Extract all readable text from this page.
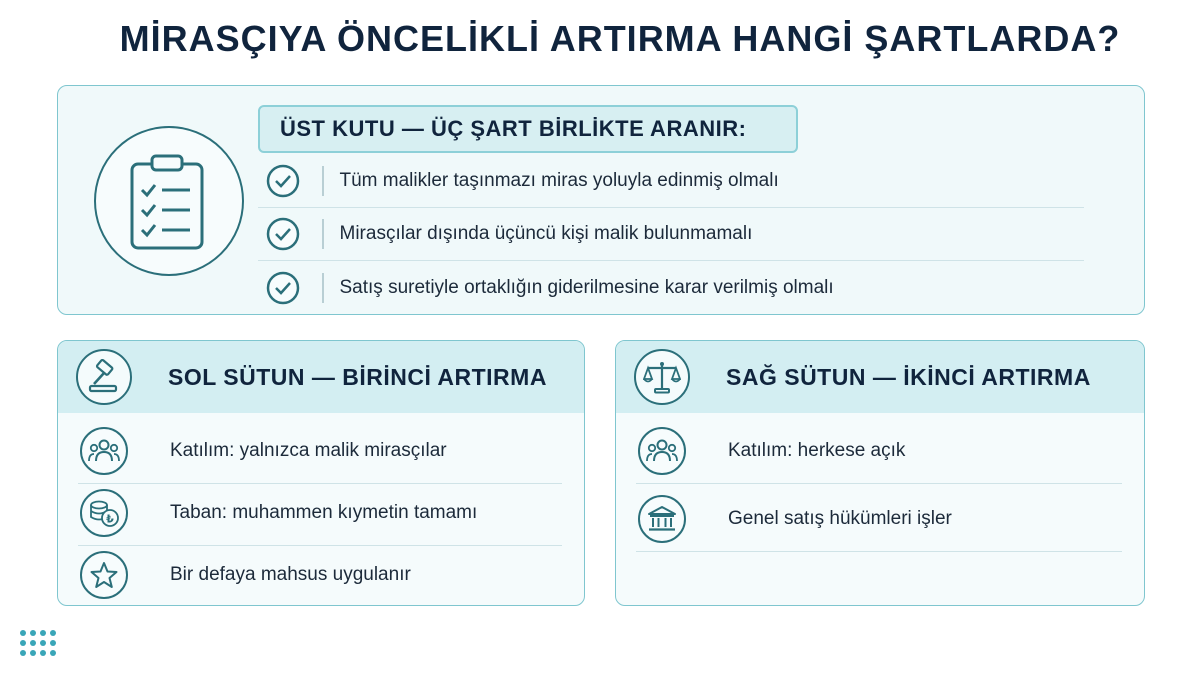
MİRASÇIYA ÖNCELİKLİ ARTIRMA HANGİ ŞARTLARDA?
ÜST KUTU — ÜÇ ŞART BİRLİKTE ARANIR:
Tüm malikler taşınmazı miras yoluyla edinmiş olmalı
Mirasçılar dışında üçüncü kişi malik bulunmamalı
Satış suretiyle ortaklığın giderilmesine karar verilmiş olmalı
SOL SÜTUN — BİRİNCİ ARTIRMA
Katılım: yalnızca malik mirasçılar
₺	Taban: muhammen kıymetin tamamı
Bir defaya mahsus uygulanır
SAĞ SÜTUN — İKİNCİ ARTIRMA
Katılım: herkese açık
Genel satış hükümleri işler
